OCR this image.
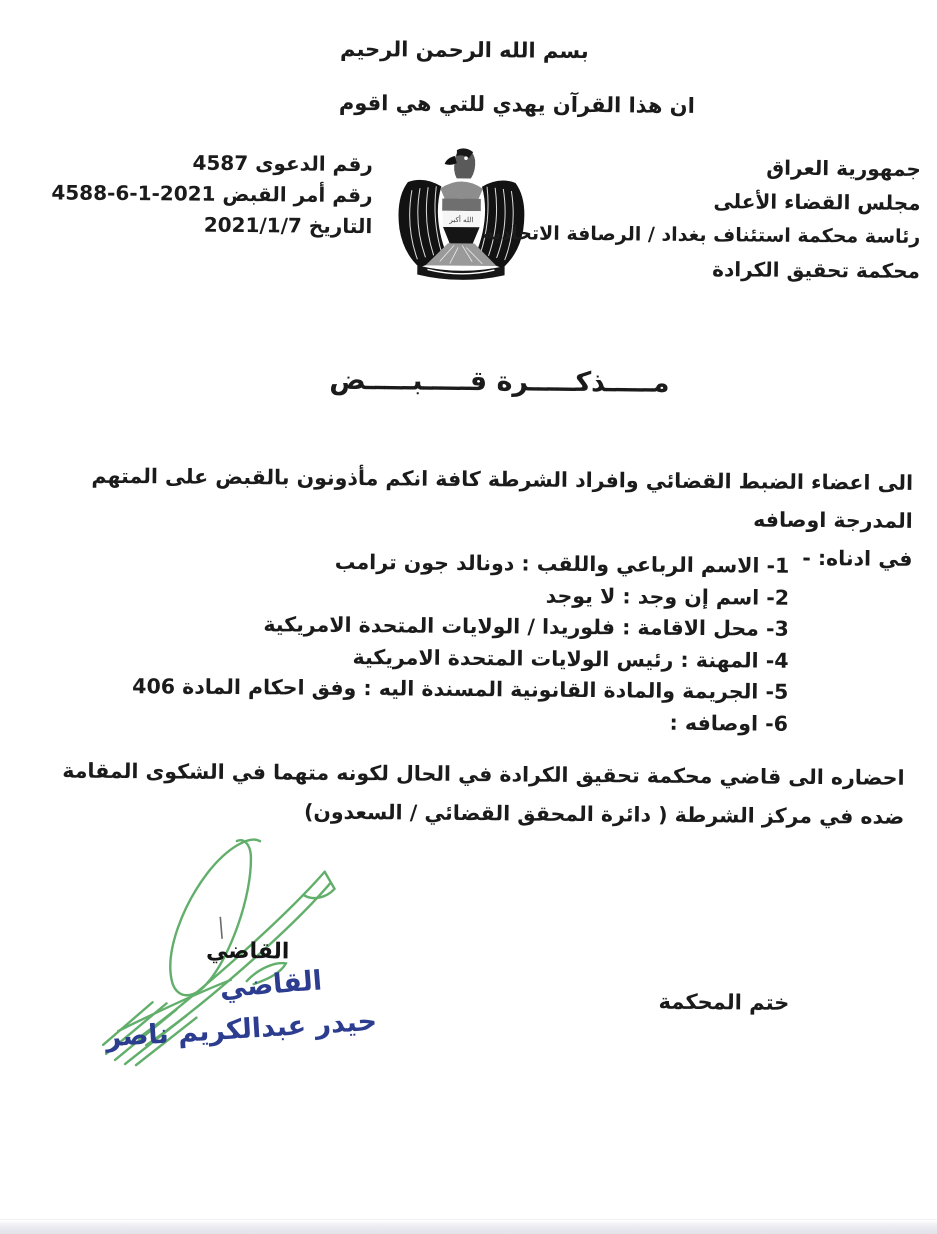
بسم الله الرحمن الرحيم
ان هذا القرآن يهدي للتي هي اقوم
رقم الدعوى 4587
رقم أمر القبض 2021-1-6-4588
التاريخ 2021/1/7	الله أكبر
جمهورية العراق
مجلس القضاء الأعلى
رئاسة محكمة استئناف بغداد / الرصافة الاتحادية
محكمة تحقيق الكرادة
مـــــذكـــــرة قـــــبـــــض
الى اعضاء الضبط القضائي وافراد الشرطة كافة انكم مأذونون بالقبض على المتهم المدرجة اوصافه
في ادناه: -
1- الاسم الرباعي واللقب : دونالد جون ترامب
2- اسم إن وجد : لا يوجد
3- محل الاقامة : فلوريدا / الولايات المتحدة الامريكية
4- المهنة : رئيس الولايات المتحدة الامريكية
5- الجريمة والمادة القانونية المسندة اليه : وفق احكام المادة 406
6- اوصافه :
احضاره الى قاضي محكمة تحقيق الكرادة في الحال لكونه متهما في الشكوى المقامة
ضده في مركز الشرطة ( دائرة المحقق القضائي / السعدون)
القاضي
القاضي
حيدر عبدالكريم ناصر
ختم المحكمة
